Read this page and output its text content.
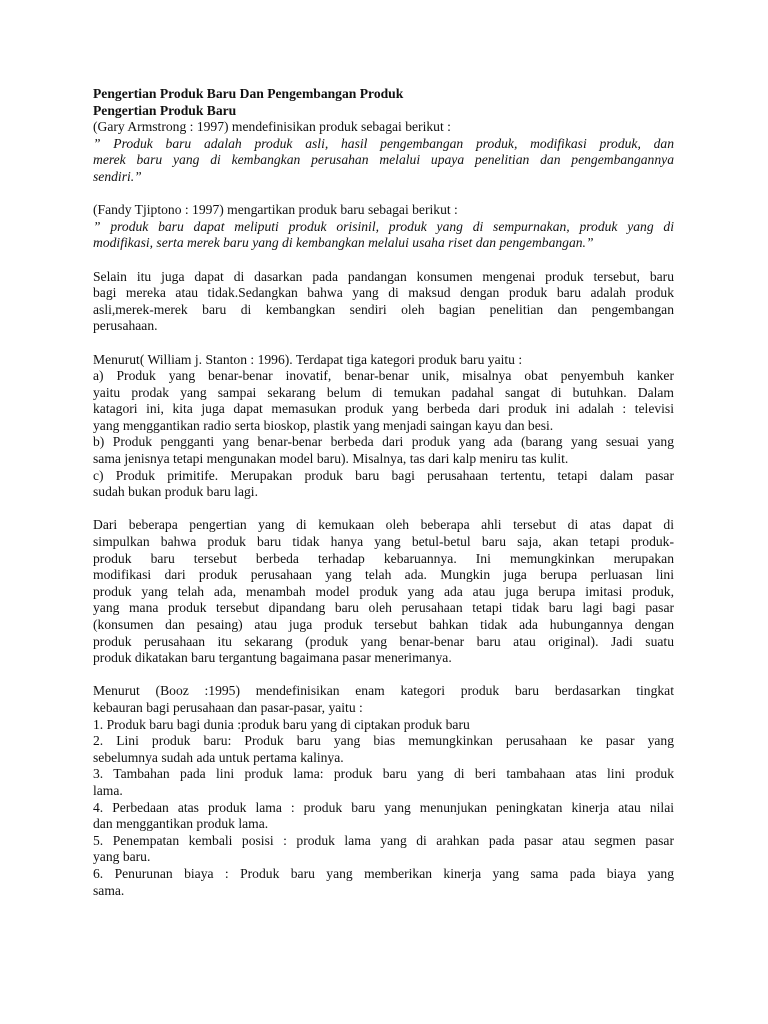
Pengertian Produk Baru Dan Pengembangan Produk
Pengertian Produk Baru
(Gary Armstrong : 1997) mendefinisikan produk sebagai berikut :
” Produk baru adalah produk asli, hasil pengembangan produk, modifikasi produk, dan
merek baru yang di kembangkan perusahan melalui upaya penelitian dan pengembangannya
sendiri.”
(Fandy Tjiptono : 1997) mengartikan produk baru sebagai berikut :
” produk baru dapat meliputi produk orisinil, produk yang di sempurnakan, produk yang di
modifikasi, serta merek baru yang di kembangkan melalui usaha riset dan pengembangan.”
Selain itu juga dapat di dasarkan pada pandangan konsumen mengenai produk tersebut, baru
bagi mereka atau tidak.Sedangkan bahwa yang di maksud dengan produk baru adalah produk
asli,merek-merek baru di kembangkan sendiri oleh bagian penelitian dan pengembangan
perusahaan.
Menurut( William j. Stanton : 1996). Terdapat tiga kategori produk baru yaitu :
a) Produk yang benar-benar inovatif, benar-benar unik, misalnya obat penyembuh kanker
yaitu prodak yang sampai sekarang belum di temukan padahal sangat di butuhkan. Dalam
katagori ini, kita juga dapat memasukan produk yang berbeda dari produk ini adalah : televisi
yang menggantikan radio serta bioskop, plastik yang menjadi saingan kayu dan besi.
b) Produk pengganti yang benar-benar berbeda dari produk yang ada (barang yang sesuai yang
sama jenisnya tetapi mengunakan model baru). Misalnya, tas dari kalp meniru tas kulit.
c) Produk primitife. Merupakan produk baru bagi perusahaan tertentu, tetapi dalam pasar
sudah bukan produk baru lagi.
Dari beberapa pengertian yang di kemukaan oleh beberapa ahli tersebut di atas dapat di
simpulkan bahwa produk baru tidak hanya yang betul-betul baru saja, akan tetapi produk-
produk baru tersebut berbeda terhadap kebaruannya. Ini memungkinkan merupakan
modifikasi dari produk perusahaan yang telah ada. Mungkin juga berupa perluasan lini
produk yang telah ada, menambah model produk yang ada atau juga berupa imitasi produk,
yang mana produk tersebut dipandang baru oleh perusahaan tetapi tidak baru lagi bagi pasar
(konsumen dan pesaing) atau juga produk tersebut bahkan tidak ada hubungannya dengan
produk perusahaan itu sekarang (produk yang benar-benar baru atau original). Jadi suatu
produk dikatakan baru tergantung bagaimana pasar menerimanya.
Menurut (Booz :1995) mendefinisikan enam kategori produk baru berdasarkan tingkat
kebauran bagi perusahaan dan pasar-pasar, yaitu :
1. Produk baru bagi dunia :produk baru yang di ciptakan produk baru
2. Lini produk baru: Produk baru yang bias memungkinkan perusahaan ke pasar yang
sebelumnya sudah ada untuk pertama kalinya.
3. Tambahan pada lini produk lama: produk baru yang di beri tambahaan atas lini produk
lama.
4. Perbedaan atas produk lama : produk baru yang menunjukan peningkatan kinerja atau nilai
dan menggantikan produk lama.
5. Penempatan kembali posisi : produk lama yang di arahkan pada pasar atau segmen pasar
yang baru.
6. Penurunan biaya : Produk baru yang memberikan kinerja yang sama pada biaya yang
sama.
